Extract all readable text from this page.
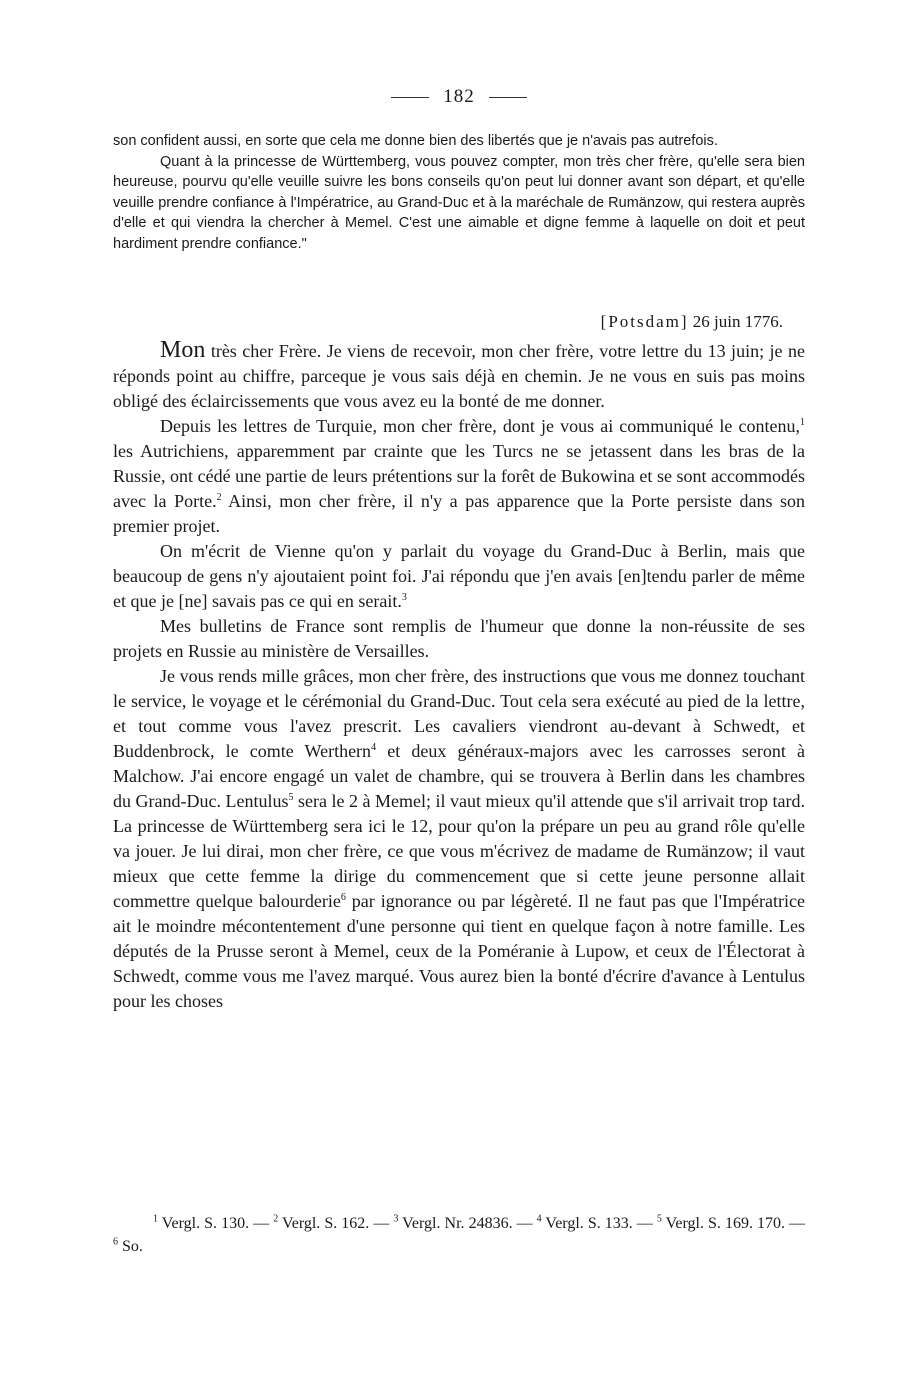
182

son confident aussi, en sorte que cela me donne bien des libertés que je n'avais pas autrefois.

Quant à la princesse de Württemberg, vous pouvez compter, mon très cher frère, qu'elle sera bien heureuse, pourvu qu'elle veuille suivre les bons conseils qu'on peut lui donner avant son départ, et qu'elle veuille prendre confiance à l'Impératrice, au Grand-Duc et à la maréchale de Rumänzow, qui restera auprès d'elle et qui viendra la chercher à Memel. C'est une aimable et digne femme à laquelle on doit et peut hardiment prendre confiance."

[Potsdam] 26 juin 1776.

Mon très cher Frère. Je viens de recevoir, mon cher frère, votre lettre du 13 juin; je ne réponds point au chiffre, parceque je vous sais déjà en chemin. Je ne vous en suis pas moins obligé des éclaircissements que vous avez eu la bonté de me donner.

Depuis les lettres de Turquie, mon cher frère, dont je vous ai communiqué le contenu,$^1$ les Autrichiens, apparemment par crainte que les Turcs ne se jetassent dans les bras de la Russie, ont cédé une partie de leurs prétentions sur la forêt de Bukowina et se sont accommodés avec la Porte.$^2$ Ainsi, mon cher frère, il n'y a pas apparence que la Porte persiste dans son premier projet.

On m'écrit de Vienne qu'on y parlait du voyage du Grand-Duc à Berlin, mais que beaucoup de gens n'y ajoutaient point foi. J'ai répondu que j'en avais [en]tendu parler de même et que je [ne] savais pas ce qui en serait.$^3$

Mes bulletins de France sont remplis de l'humeur que donne la non-réussite de ses projets en Russie au ministère de Versailles.

Je vous rends mille grâces, mon cher frère, des instructions que vous me donnez touchant le service, le voyage et le cérémonial du Grand-Duc. Tout cela sera exécuté au pied de la lettre, et tout comme vous l'avez prescrit. Les cavaliers viendront au-devant à Schwedt, et Buddenbrock, le comte Werthern$^4$ et deux généraux-majors avec les carrosses seront à Malchow. J'ai encore engagé un valet de chambre, qui se trouvera à Berlin dans les chambres du Grand-Duc. Lentulus$^5$ sera le 2 à Memel; il vaut mieux qu'il attende que s'il arrivait trop tard. La princesse de Württemberg sera ici le 12, pour qu'on la prépare un peu au grand rôle qu'elle va jouer. Je lui dirai, mon cher frère, ce que vous m'écrivez de madame de Rumänzow; il vaut mieux que cette femme la dirige du commencement que si cette jeune personne allait commettre quelque balourderie$^6$ par ignorance ou par légèreté. Il ne faut pas que l'Impératrice ait le moindre mécontentement d'une personne qui tient en quelque façon à notre famille. Les députés de la Prusse seront à Memel, ceux de la Poméranie à Lupow, et ceux de l'Électorat à Schwedt, comme vous me l'avez marqué. Vous aurez bien la bonté d'écrire d'avance à Lentulus pour les choses

$^1$ Vergl. S. 130. — $^2$ Vergl. S. 162. — $^3$ Vergl. Nr. 24836. — $^4$ Vergl. S. 133. — $^5$ Vergl. S. 169. 170. — $^6$ So.
